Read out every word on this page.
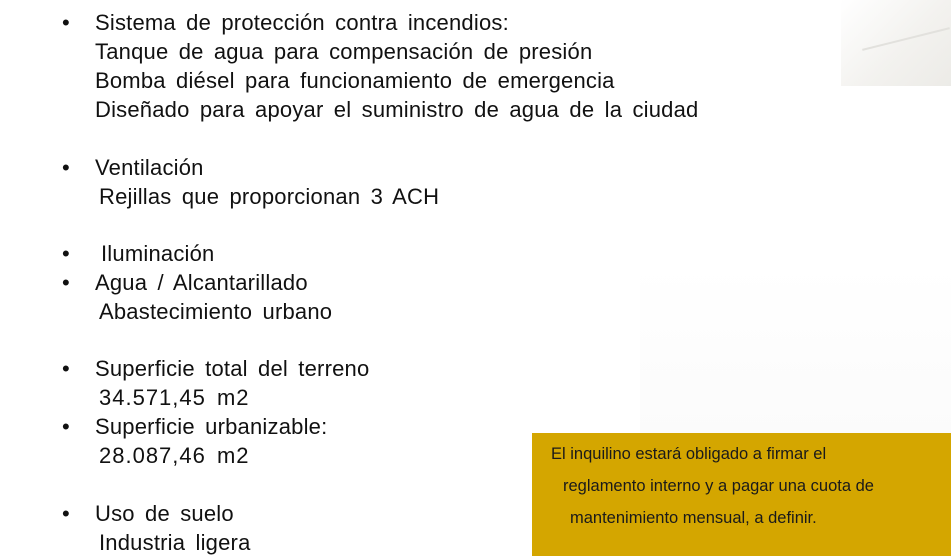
• Sistema de protección contra incendios:
Tanque de agua para compensación de presión
Bomba diésel para funcionamiento de emergencia
Diseñado para apoyar el suministro de agua de la ciudad
• Ventilación
Rejillas que proporcionan 3 ACH
• Iluminación
• Agua / Alcantarillado
Abastecimiento urbano
• Superficie total del terreno
34.571,45 m2
• Superficie urbanizable:
28.087,46 m2
• Uso de suelo
Industria ligera
El inquilino estará obligado a firmar el
reglamento interno y a pagar una cuota de
mantenimiento mensual, a definir.
